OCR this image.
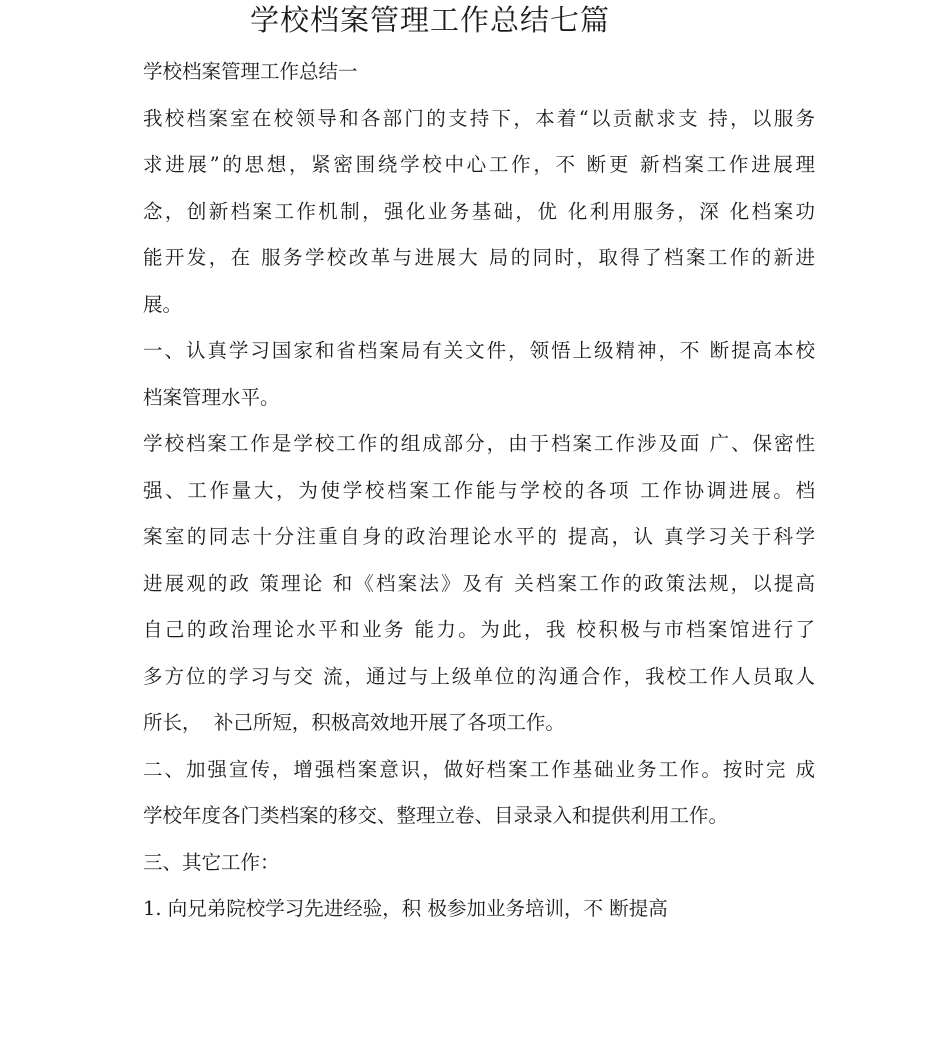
学校档案管理工作总结七篇
学校档案管理工作总结一
我校档案室在校领导和各部门的支持下，本着“以贡献求支 持，以服务
求进展”的思想，紧密围绕学校中心工作，不 断更 新档案工作进展理
念，创新档案工作机制，强化业务基础，优 化利用服务，深 化档案功
能开发，在 服务学校改革与进展大 局的同时，取得了档案工作的新进
展。
一、认真学习国家和省档案局有关文件，领悟上级精神，不 断提高本校
档案管理水平。
学校档案工作是学校工作的组成部分，由于档案工作涉及面 广、保密性
强、工作量大，为使学校档案工作能与学校的各项 工作协调进展。档
案室的同志十分注重自身的政治理论水平的 提高，认 真学习关于科学
进展观的政 策理论 和《档案法》及有 关档案工作的政策法规，以提高
自己的政治理论水平和业务 能力。为此，我 校积极与市档案馆进行了
多方位的学习与交 流，通过与上级单位的沟通合作，我校工作人员取人
所长，  补己所短，积极高效地开展了各项工作。
二、加强宣传，增强档案意识，做好档案工作基础业务工作。按时完 成
学校年度各门类档案的移交、整理立卷、目录录入和提供利用工作。
三、其它工作：
1. 向兄弟院校学习先进经验，积 极参加业务培训，不 断提高
